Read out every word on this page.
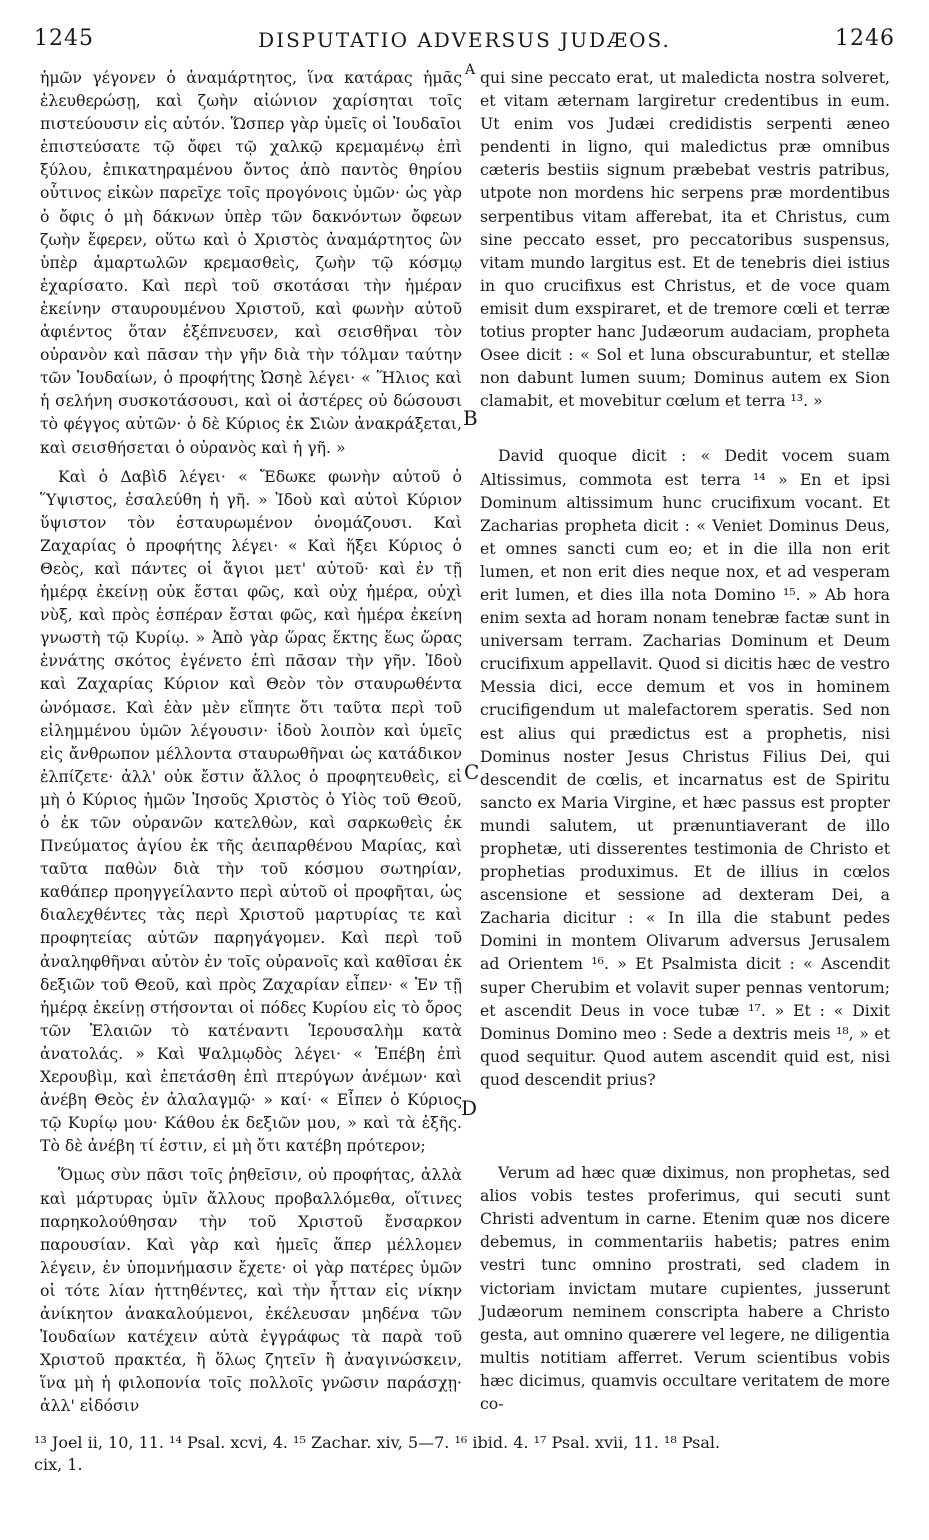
1245	DISPUTATIO ADVERSUS JUDÆOS.	1246

ἡμῶν γέγονεν ὁ ἀναμάρτητος, ἵνα κατάρας ἡμᾶς ἐλευθερώσῃ, καὶ ζωὴν αἰώνιον χαρίσηται τοῖς πιστεύουσιν εἰς αὐτόν. Ὥσπερ γὰρ ὑμεῖς οἱ Ἰουδαῖοι ἐπιστεύσατε τῷ ὄφει τῷ χαλκῷ κρεμαμένῳ ἐπὶ ξύλου, ἐπικατηραμένου ὄντος ἀπὸ παντὸς θηρίου οὗτινος εἰκὼν παρεῖχε τοῖς προγόνοις ὑμῶν· ὡς γὰρ ὁ ὄφις ὁ μὴ δάκνων ὑπὲρ τῶν δακνόντων ὄφεων ζωὴν ἔφερεν, οὕτω καὶ ὁ Χριστὸς ἀναμάρτητος ὢν ὑπὲρ ἁμαρτωλῶν κρεμασθεὶς, ζωὴν τῷ κόσμῳ ἐχαρίσατο. Καὶ περὶ τοῦ σκοτάσαι τὴν ἡμέραν ἐκείνην σταυρουμένου Χριστοῦ, καὶ φωνὴν αὐτοῦ ἀφιέντος ὅταν ἐξέπνευσεν, καὶ σεισθῆναι τὸν οὐρανὸν καὶ πᾶσαν τὴν γῆν διὰ τὴν τόλμαν ταύτην τῶν Ἰουδαίων, ὁ προφήτης Ὠσηὲ λέγει· « Ἥλιος καὶ ἡ σελήνη συσκοτάσουσι, καὶ οἱ ἀστέρες οὐ δώσουσι τὸ φέγγος αὐτῶν· ὁ δὲ Κύριος ἐκ Σιὼν ἀνακράξεται, καὶ σεισθήσεται ὁ οὐρανὸς καὶ ἡ γῆ. »

Καὶ ὁ Δαβὶδ λέγει· « Ἔδωκε φωνὴν αὐτοῦ ὁ Ὕψιστος, ἐσαλεύθη ἡ γῆ. » Ἰδοὺ καὶ αὐτοὶ Κύριον ὕψιστον τὸν ἐσταυρωμένον ὀνομάζουσι. Καὶ Ζαχαρίας ὁ προφήτης λέγει· « Καὶ ἥξει Κύριος ὁ Θεὸς, καὶ πάντες οἱ ἅγιοι μετ' αὐτοῦ· καὶ ἐν τῇ ἡμέρᾳ ἐκείνῃ οὐκ ἔσται φῶς, καὶ οὐχ ἡμέρα, οὐχὶ νὺξ, καὶ πρὸς ἑσπέραν ἔσται φῶς, καὶ ἡμέρα ἐκείνη γνωστὴ τῷ Κυρίῳ. » Ἀπὸ γὰρ ὥρας ἕκτης ἕως ὥρας ἐννάτης σκότος ἐγένετο ἐπὶ πᾶσαν τὴν γῆν. Ἰδοὺ καὶ Ζαχαρίας Κύριον καὶ Θεὸν τὸν σταυρωθέντα ὠνόμασε. Καὶ ἐὰν μὲν εἴπητε ὅτι ταῦτα περὶ τοῦ εἰλημμένου ὑμῶν λέγουσιν· ἰδοὺ λοιπὸν καὶ ὑμεῖς εἰς ἄνθρωπον μέλλοντα σταυρωθῆναι ὡς κατάδικον ἐλπίζετε· ἀλλ' οὐκ ἔστιν ἄλλος ὁ προφητευθεὶς, εἰ μὴ ὁ Κύριος ἡμῶν Ἰησοῦς Χριστὸς ὁ Υἱὸς τοῦ Θεοῦ, ὁ ἐκ τῶν οὐρανῶν κατελθὼν, καὶ σαρκωθεὶς ἐκ Πνεύματος ἁγίου ἐκ τῆς ἀειπαρθένου Μαρίας, καὶ ταῦτα παθὼν διὰ τὴν τοῦ κόσμου σωτηρίαν, καθάπερ προηγγείλαντο περὶ αὐτοῦ οἱ προφῆται, ὡς διαλεχθέντες τὰς περὶ Χριστοῦ μαρτυρίας τε καὶ προφητείας αὐτῶν παρηγάγομεν. Καὶ περὶ τοῦ ἀναληφθῆναι αὐτὸν ἐν τοῖς οὐρανοῖς καὶ καθῖσαι ἐκ δεξιῶν τοῦ Θεοῦ, καὶ πρὸς Ζαχαρίαν εἶπεν· « Ἐν τῇ ἡμέρᾳ ἐκείνῃ στήσονται οἱ πόδες Κυρίου εἰς τὸ ὄρος τῶν Ἐλαιῶν τὸ κατέναντι Ἱερουσαλὴμ κατὰ ἀνατολάς. » Καὶ Ψαλμῳδὸς λέγει· « Ἐπέβη ἐπὶ Χερουβὶμ, καὶ ἐπετάσθη ἐπὶ πτερύγων ἀνέμων· καὶ ἀνέβη Θεὸς ἐν ἀλαλαγμῷ· » καί· « Εἶπεν ὁ Κύριος τῷ Κυρίῳ μου· Κάθου ἐκ δεξιῶν μου, » καὶ τὰ ἑξῆς. Τὸ δὲ ἀνέβη τί ἐστιν, εἰ μὴ ὅτι κατέβη πρότερον;

Ὅμως σὺν πᾶσι τοῖς ῥηθεῖσιν, οὐ προφήτας, ἀλλὰ καὶ μάρτυρας ὑμῖν ἄλλους προβαλλόμεθα, οἵτινες παρηκολούθησαν τὴν τοῦ Χριστοῦ ἔνσαρκον παρουσίαν. Καὶ γὰρ καὶ ἡμεῖς ἅπερ μέλλομεν λέγειν, ἐν ὑπομνήμασιν ἔχετε· οἱ γὰρ πατέρες ὑμῶν οἱ τότε λίαν ἡττηθέντες, καὶ τὴν ἧτταν εἰς νίκην ἀνίκητον ἀνακαλούμενοι, ἐκέλευσαν μηδένα τῶν Ἰουδαίων κατέχειν αὐτὰ ἐγγράφως τὰ παρὰ τοῦ Χριστοῦ πρακτέα, ἢ ὅλως ζητεῖν ἢ ἀναγινώσκειν, ἵνα μὴ ἡ φιλοπονία τοῖς πολλοῖς γνῶσιν παράσχῃ· ἀλλ' εἰδόσιν

A
B
C
D

qui sine peccato erat, ut maledicta nostra solveret, et vitam æternam largiretur credentibus in eum. Ut enim vos Judæi credidistis serpenti æneo pendenti in ligno, qui maledictus præ omnibus cæteris bestiis signum præbebat vestris patribus, utpote non mordens hic serpens præ mordentibus serpentibus vitam afferebat, ita et Christus, cum sine peccato esset, pro peccatoribus suspensus, vitam mundo largitus est. Et de tenebris diei istius in quo crucifixus est Christus, et de voce quam emisit dum exspiraret, et de tremore cœli et terræ totius propter hanc Judæorum audaciam, propheta Osee dicit : « Sol et luna obscurabuntur, et stellæ non dabunt lumen suum; Dominus autem ex Sion clamabit, et movebitur cœlum et terra ¹³. »

David quoque dicit : « Dedit vocem suam Altissimus, commota est terra ¹⁴ » En et ipsi Dominum altissimum hunc crucifixum vocant. Et Zacharias propheta dicit : « Veniet Dominus Deus, et omnes sancti cum eo; et in die illa non erit lumen, et non erit dies neque nox, et ad vesperam erit lumen, et dies illa nota Domino ¹⁵. » Ab hora enim sexta ad horam nonam tenebræ factæ sunt in universam terram. Zacharias Dominum et Deum crucifixum appellavit. Quod si dicitis hæc de vestro Messia dici, ecce demum et vos in hominem crucifigendum ut malefactorem speratis. Sed non est alius qui prædictus est a prophetis, nisi Dominus noster Jesus Christus Filius Dei, qui descendit de cœlis, et incarnatus est de Spiritu sancto ex Maria Virgine, et hæc passus est propter mundi salutem, ut prænuntiaverant de illo prophetæ, uti disserentes testimonia de Christo et prophetias produximus. Et de illius in cœlos ascensione et sessione ad dexteram Dei, a Zacharia dicitur : « In illa die stabunt pedes Domini in montem Olivarum adversus Jerusalem ad Orientem ¹⁶. » Et Psalmista dicit : « Ascendit super Cherubim et volavit super pennas ventorum; et ascendit Deus in voce tubæ ¹⁷. » Et : « Dixit Dominus Domino meo : Sede a dextris meis ¹⁸, » et quod sequitur. Quod autem ascendit quid est, nisi quod descendit prius?

Verum ad hæc quæ diximus, non prophetas, sed alios vobis testes proferimus, qui secuti sunt Christi adventum in carne. Etenim quæ nos dicere debemus, in commentariis habetis; patres enim vestri tunc omnino prostrati, sed cladem in victoriam invictam mutare cupientes, jusserunt Judæorum neminem conscripta habere a Christo gesta, aut omnino quærere vel legere, ne diligentia multis notitiam afferret. Verum scientibus vobis hæc dicimus, quamvis occultare veritatem de more co-

¹³ Joel ii, 10, 11. ¹⁴ Psal. xcvi, 4. ¹⁵ Zachar. xiv, 5—7. ¹⁶ ibid. 4. ¹⁷ Psal. xvii, 11. ¹⁸ Psal.
cix, 1.
